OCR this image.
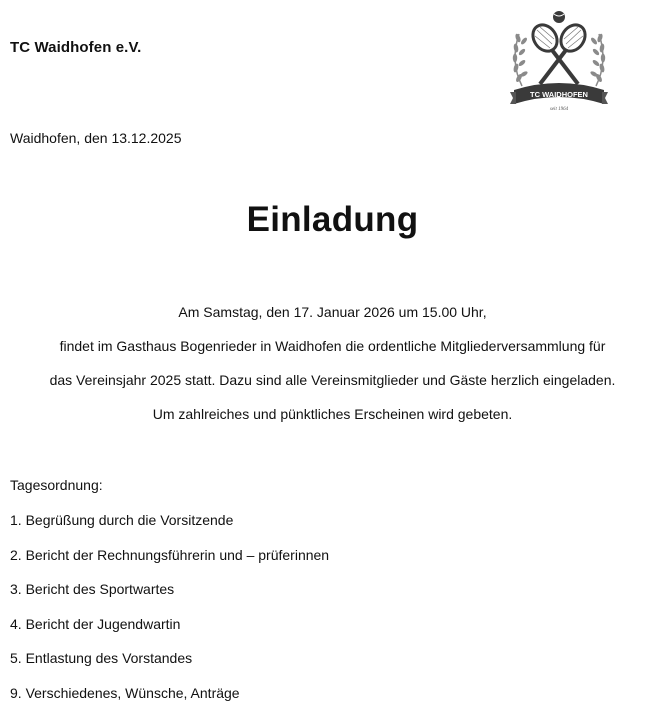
TC Waidhofen e.V.
TC WAIDHOFEN
seit 1964
Waidhofen, den 13.12.2025
Einladung
Am Samstag, den 17. Januar 2026 um 15.00 Uhr,
findet im Gasthaus Bogenrieder in Waidhofen die ordentliche Mitgliederversammlung für
das Vereinsjahr 2025 statt. Dazu sind alle Vereinsmitglieder und Gäste herzlich eingeladen.
Um zahlreiches und pünktliches Erscheinen wird gebeten.
Tagesordnung:
1. Begrüßung durch die Vorsitzende
2. Bericht der Rechnungsführerin und – prüferinnen
3. Bericht des Sportwartes
4. Bericht der Jugendwartin
5. Entlastung des Vorstandes
9. Verschiedenes, Wünsche, Anträge
